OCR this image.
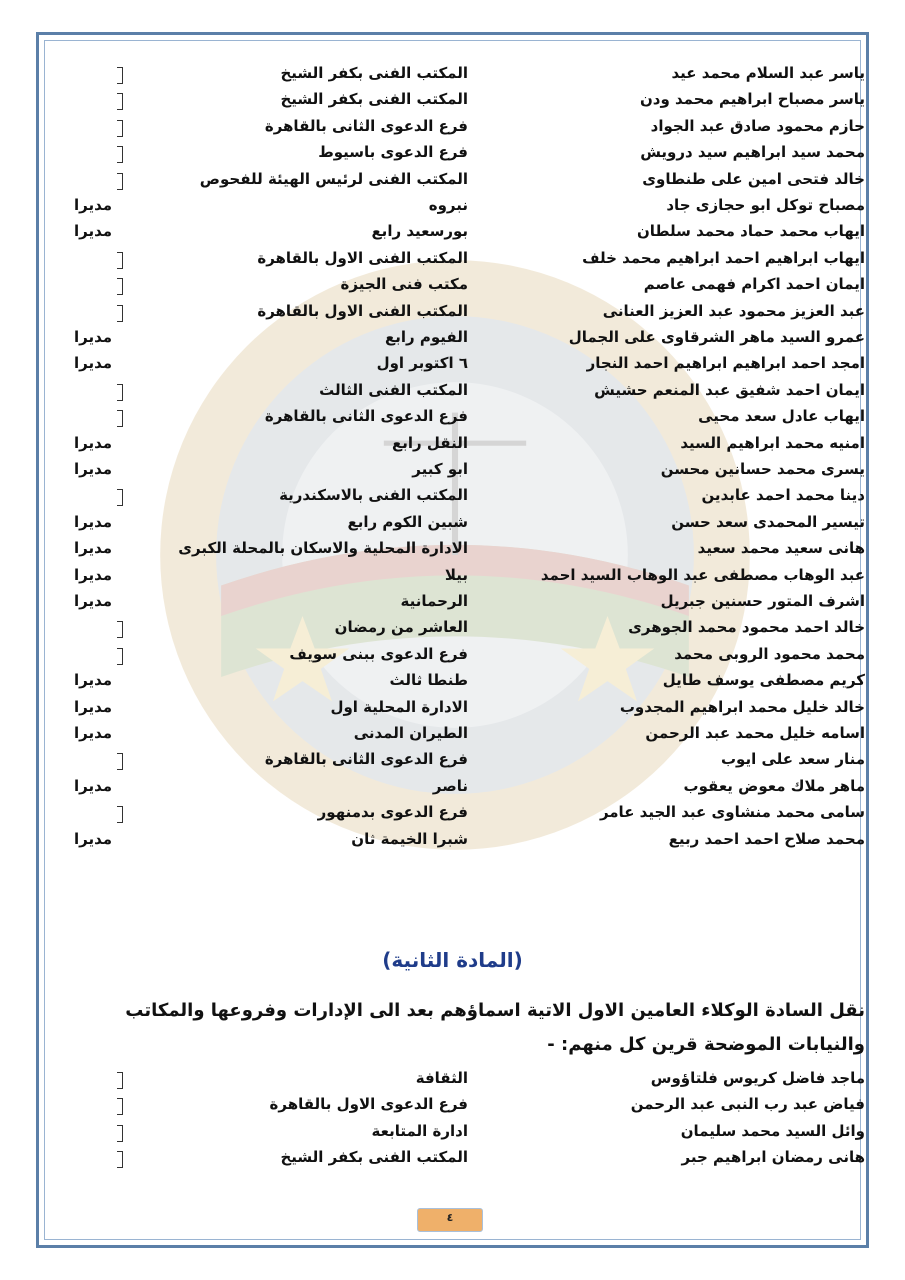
ياسر عبد السلام محمد عيد
المكتب الفنى بكفر الشيخ
ياسر مصباح ابراهيم محمد ودن
المكتب الفنى بكفر الشيخ
حازم محمود صادق عبد الجواد
فرع الدعوى الثانى بالقاهرة
محمد سيد ابراهيم سيد درويش
فرع الدعوى باسيوط
خالد فتحى امين على طنطاوى
المكتب الفنى لرئيس الهيئة للفحوص
مصباح توكل ابو حجازى جاد
نبروه
مديرا
ايهاب محمد حماد محمد سلطان
بورسعيد رابع
مديرا
ايهاب ابراهيم احمد ابراهيم محمد خلف
المكتب الفنى الاول بالقاهرة
ايمان احمد اكرام فهمى عاصم
مكتب فنى الجيزة
عبد العزيز محمود عبد العزيز العنانى
المكتب الفنى الاول بالقاهرة
عمرو السيد ماهر الشرقاوى على الجمال
الفيوم رابع
مديرا
امجد احمد ابراهيم ابراهيم احمد النجار
٦ اكتوبر اول
مديرا
ايمان احمد شفيق عبد المنعم حشيش
المكتب الفنى الثالث
ايهاب عادل سعد محيى
فرع الدعوى الثانى بالقاهرة
امنيه محمد ابراهيم السيد
النقل رابع
مديرا
يسرى محمد حسانين محسن
ابو كبير
مديرا
دينا محمد احمد عابدين
المكتب الفنى بالاسكندرية
تيسير المحمدى سعد حسن
شبين الكوم رابع
مديرا
هانى سعيد محمد سعيد
الادارة المحلية والاسكان بالمحلة الكبرى
مديرا
عبد الوهاب مصطفى عبد الوهاب السيد احمد
بيلا
مديرا
اشرف المتور حسنين جبريل
الرحمانية
مديرا
خالد احمد محمود محمد الجوهرى
العاشر من رمضان
محمد محمود الروبى محمد
فرع الدعوى ببنى سويف
كريم مصطفى يوسف طايل
طنطا ثالث
مديرا
خالد خليل محمد ابراهيم المجدوب
الادارة المحلية اول
مديرا
اسامه خليل محمد عبد الرحمن
الطيران المدنى
مديرا
منار سعد على ايوب
فرع الدعوى الثانى بالقاهرة
ماهر ملاك معوض يعقوب
ناصر
مديرا
سامى محمد منشاوى عبد الجيد عامر
فرع الدعوى بدمنهور
محمد صلاح احمد احمد ربيع
شبرا الخيمة ثان
مديرا
(المادة الثانية)
نقل السادة الوكلاء العامين الاول الاتية اسماؤهم بعد الى الإدارات وفروعها والمكاتب
والنيابات الموضحة قرين كل منهم: -
ماجد فاضل كريوس فلتاؤوس
الثقافة
فياض عبد رب النبى عبد الرحمن
فرع الدعوى الاول بالقاهرة
وائل السيد محمد سليمان
ادارة المتابعة
هانى رمضان ابراهيم جبر
المكتب الفنى بكفر الشيخ
٤
